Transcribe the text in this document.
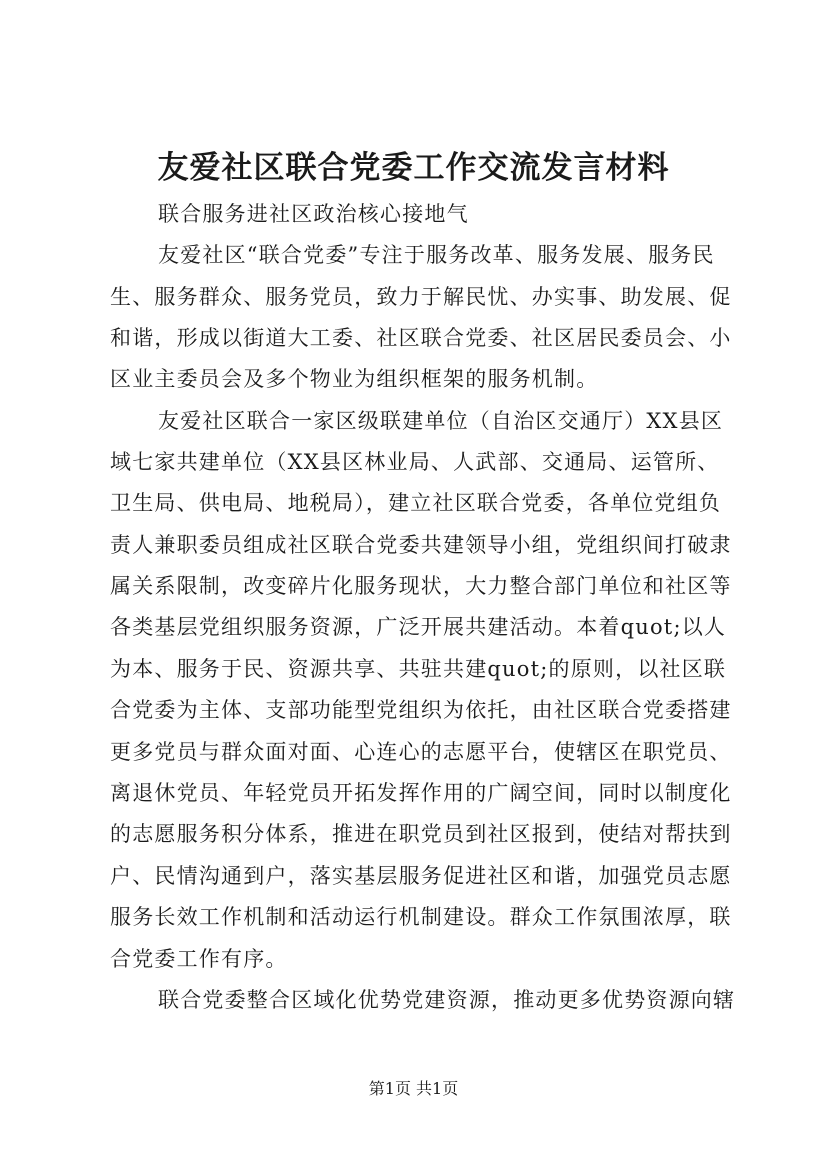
友爱社区联合党委工作交流发言材料
联合服务进社区政治核心接地气
友爱社区“联合党委”专注于服务改革、服务发展、服务民
生、服务群众、服务党员，致力于解民忧、办实事、助发展、促
和谐，形成以街道大工委、社区联合党委、社区居民委员会、小
区业主委员会及多个物业为组织框架的服务机制。
友爱社区联合一家区级联建单位（自治区交通厅）XX县区
域七家共建单位（XX县区林业局、人武部、交通局、运管所、
卫生局、供电局、地税局），建立社区联合党委，各单位党组负
责人兼职委员组成社区联合党委共建领导小组，党组织间打破隶
属关系限制，改变碎片化服务现状，大力整合部门单位和社区等
各类基层党组织服务资源，广泛开展共建活动。本着quot;以人
为本、服务于民、资源共享、共驻共建quot;的原则，以社区联
合党委为主体、支部功能型党组织为依托，由社区联合党委搭建
更多党员与群众面对面、心连心的志愿平台，使辖区在职党员、
离退休党员、年轻党员开拓发挥作用的广阔空间，同时以制度化
的志愿服务积分体系，推进在职党员到社区报到，使结对帮扶到
户、民情沟通到户，落实基层服务促进社区和谐，加强党员志愿
服务长效工作机制和活动运行机制建设。群众工作氛围浓厚，联
合党委工作有序。
联合党委整合区域化优势党建资源，推动更多优势资源向辖
第1页 共1页
